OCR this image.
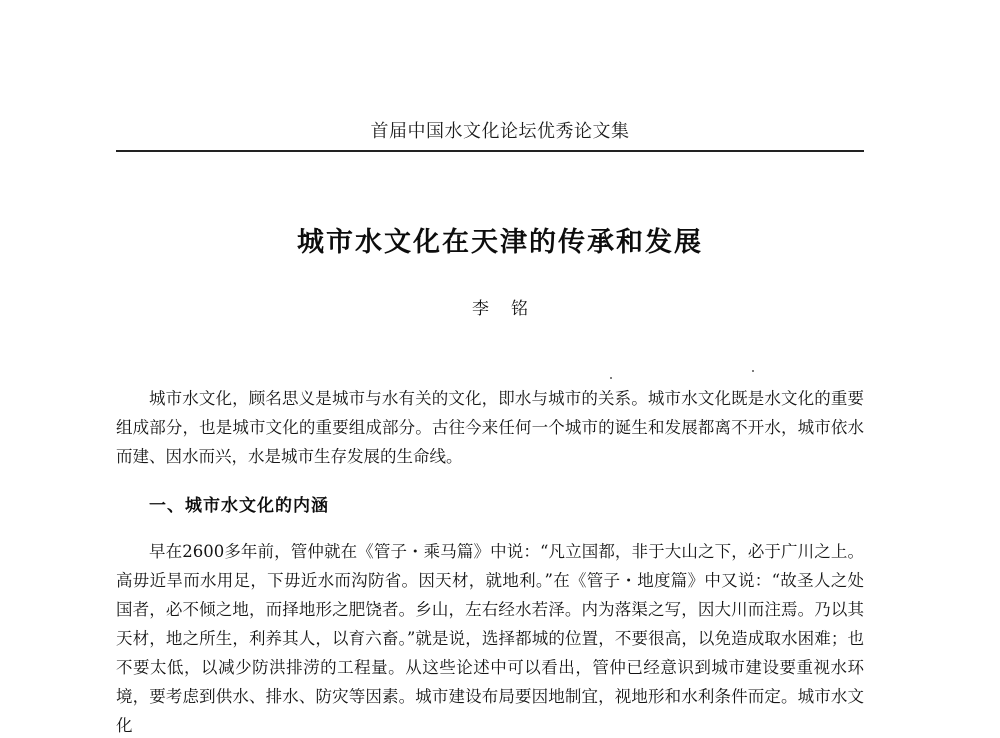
首届中国水文化论坛优秀论文集
城市水文化在天津的传承和发展
李铭

城市水文化，顾名思义是城市与水有关的文化，即水与城市的关系。城市水文化既是水文化的重要组成部分，也是城市文化的重要组成部分。古往今来任何一个城市的诞生和发展都离不开水，城市依水而建、因水而兴，水是城市生存发展的生命线。

一、城市水文化的内涵

早在2600多年前，管仲就在《管子・乘马篇》中说：“凡立国都，非于大山之下，必于广川之上。高毋近旱而水用足，下毋近水而沟防省。因天材，就地利。”在《管子・地度篇》中又说：“故圣人之处国者，必不倾之地，而择地形之肥饶者。乡山，左右经水若泽。内为落渠之写，因大川而注焉。乃以其天材，地之所生，利养其人，以育六畜。”就是说，选择都城的位置，不要很高，以免造成取水困难；也不要太低，以减少防洪排涝的工程量。从这些论述中可以看出，管仲已经意识到城市建设要重视水环境，要考虑到供水、排水、防灾等因素。城市建设布局要因地制宜，视地形和水利条件而定。城市水文化
